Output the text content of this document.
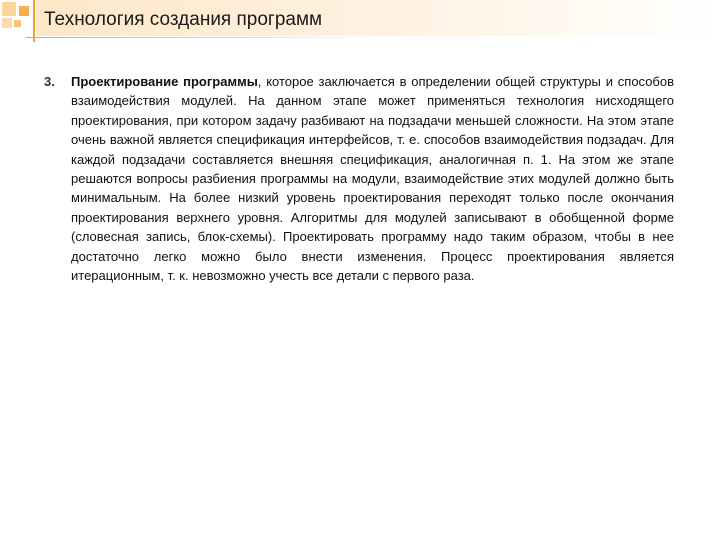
Технология создания программ
3. Проектирование программы, которое заключается в определении общей структуры и способов взаимодействия модулей. На данном этапе может применяться технология нисходящего проектирования, при котором задачу разбивают на подзадачи меньшей сложности. На этом этапе очень важной является спецификация интерфейсов, т. е. способов взаимодействия подзадач. Для каждой подзадачи составляется внешняя спецификация, аналогичная п. 1. На этом же этапе решаются вопросы разбиения программы на модули, взаимодействие этих модулей должно быть минимальным. На более низкий уровень проектирования переходят только после окончания проектирования верхнего уровня. Алгоритмы для модулей записывают в обобщенной форме (словесная запись, блок-схемы). Проектировать программу надо таким образом, чтобы в нее достаточно легко можно было внести изменения. Процесс проектирования является итерационным, т. к. невозможно учесть все детали с первого раза.
